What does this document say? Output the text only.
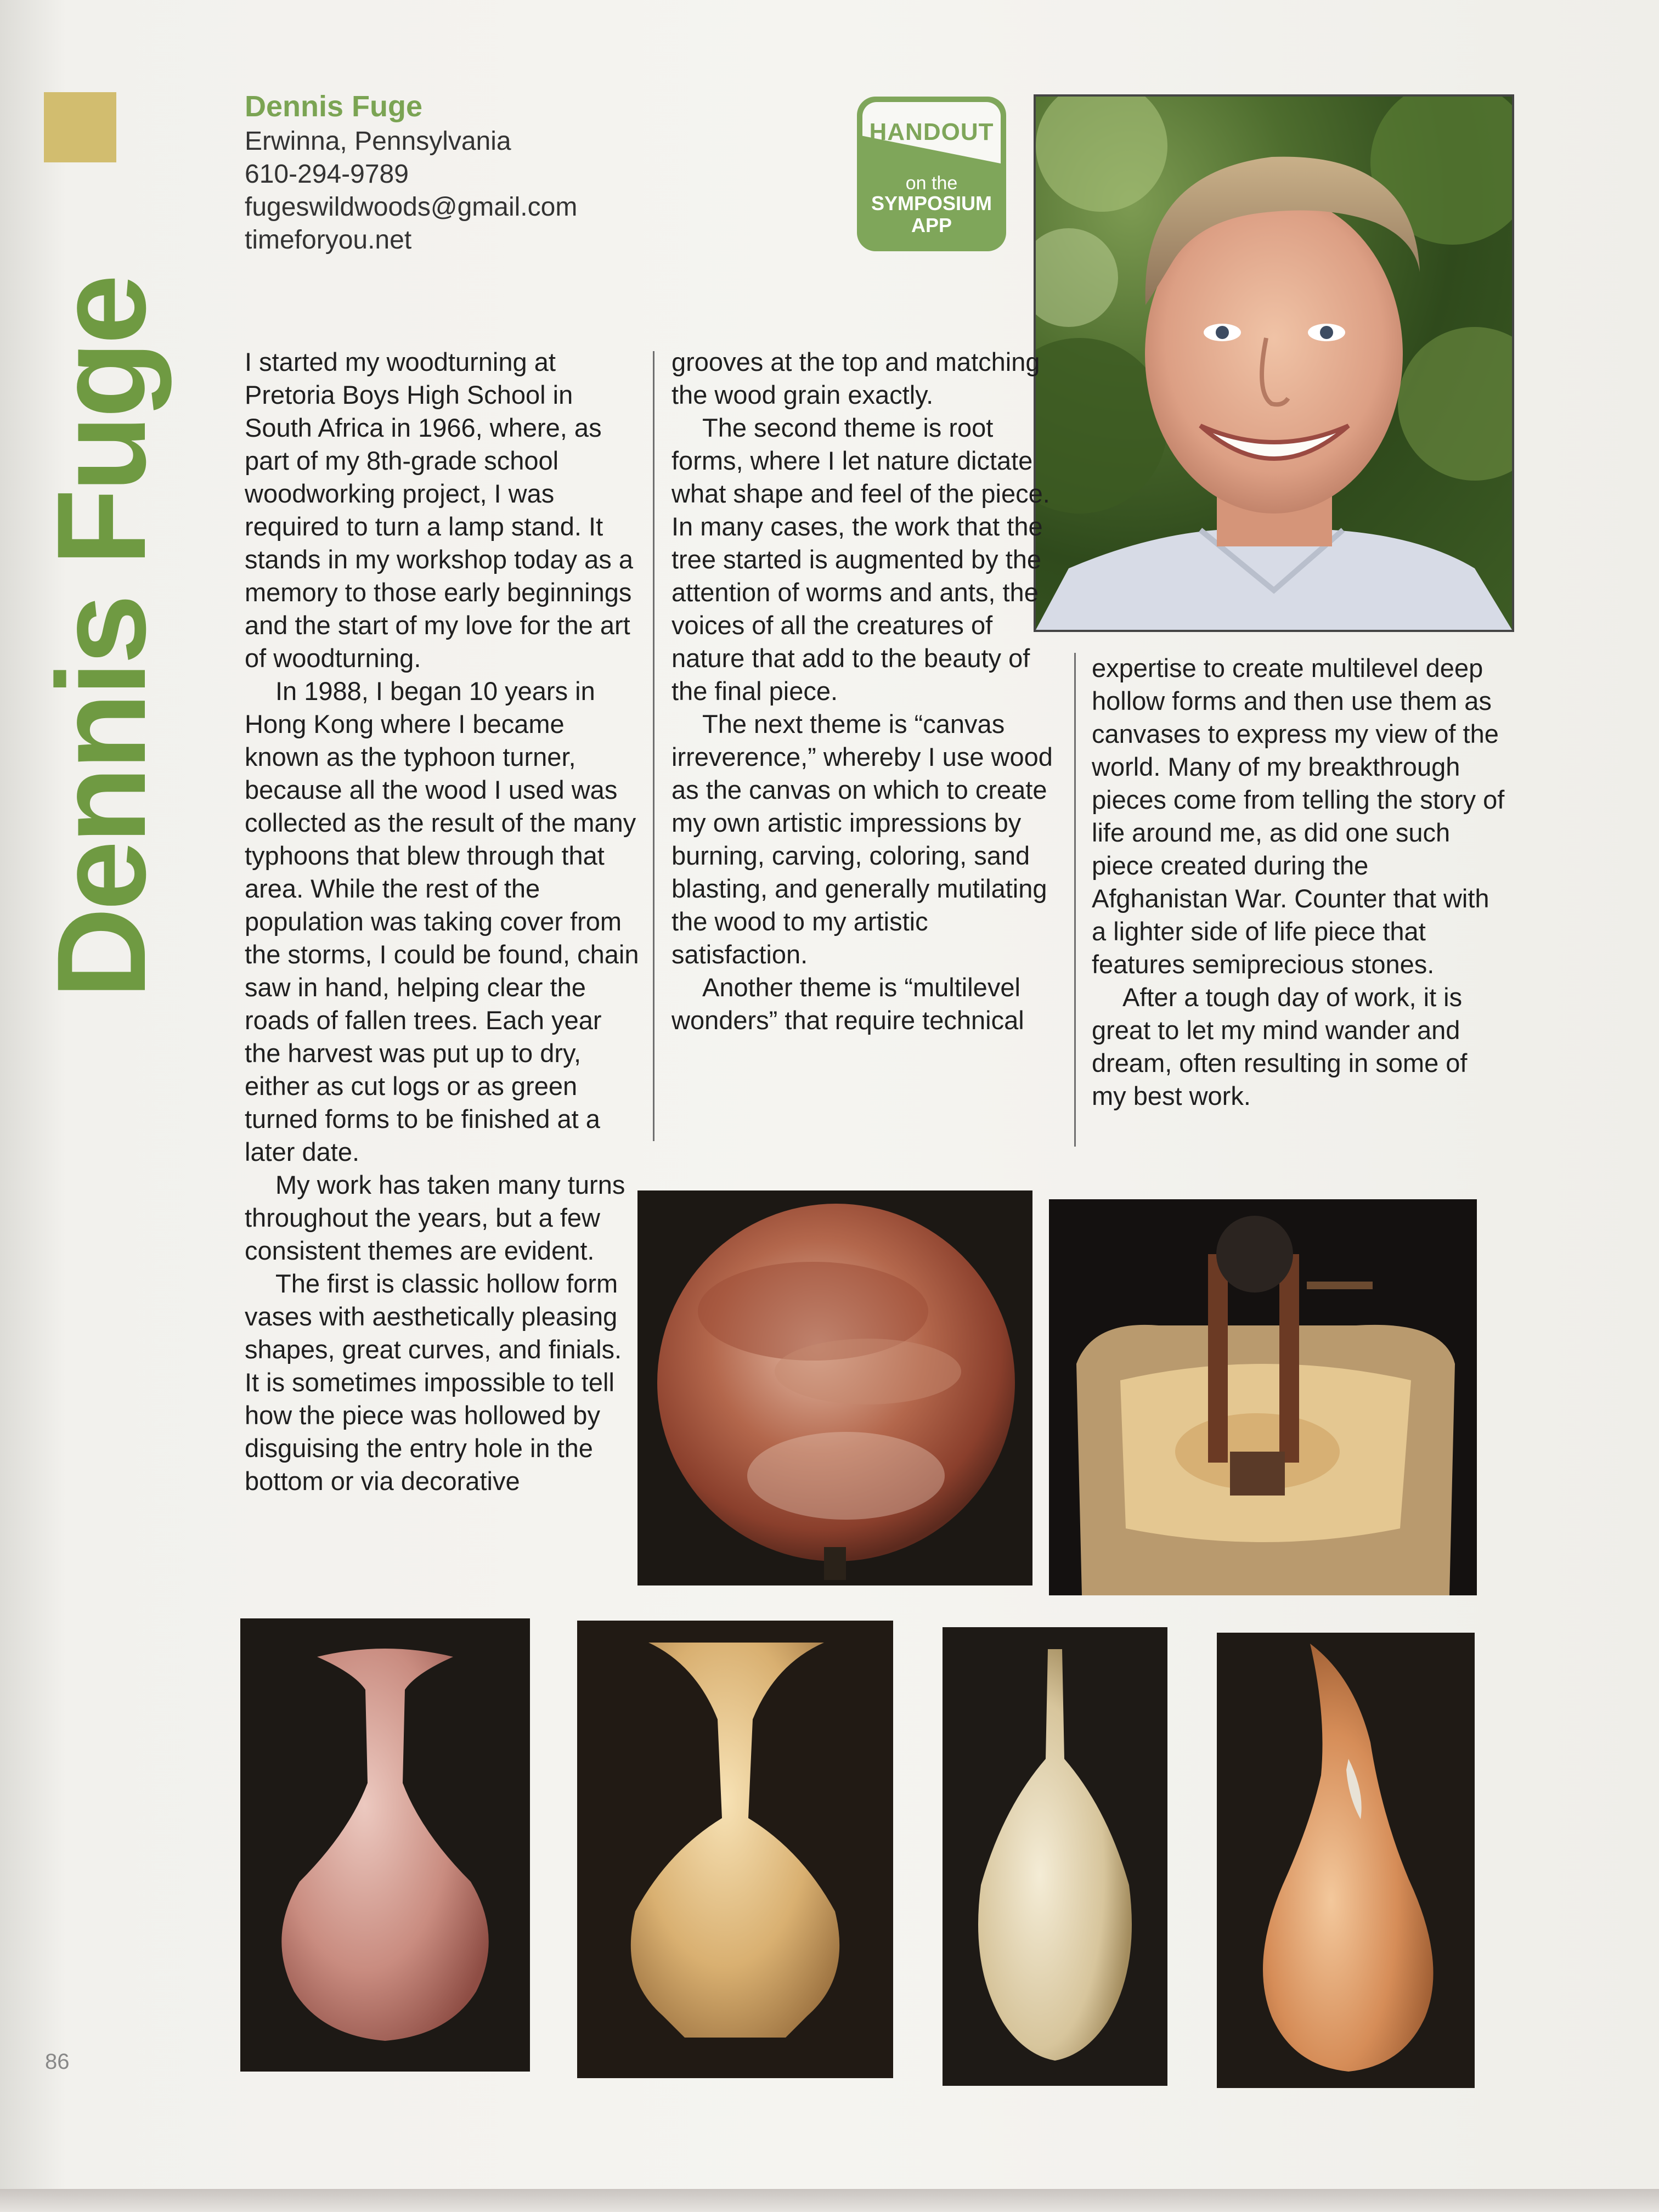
Dennis Fuge
Dennis Fuge
Erwinna, Pennsylvania
610-294-9789
fugeswildwoods@gmail.com
timeforyou.net
HANDOUT
on the
SYMPOSIUM
APP

I started my woodturning at Pretoria Boys High School in South Africa in 1966, where, as part of my 8th-grade school woodworking project, I was required to turn a lamp stand. It stands in my workshop today as a memory to those early beginnings and the start of my love for the art of woodturning.

In 1988, I began 10 years in Hong Kong where I became known as the typhoon turner, because all the wood I used was collected as the result of the many typhoons that blew through that area. While the rest of the population was taking cover from the storms, I could be found, chain saw in hand, helping clear the roads of fallen trees. Each year the harvest was put up to dry, either as cut logs or as green turned forms to be finished at a later date.

My work has taken many turns throughout the years, but a few consistent themes are evident.

The first is classic hollow form vases with aesthetically pleasing shapes, great curves, and finials. It is sometimes impossible to tell how the piece was hollowed by disguising the entry hole in the bottom or via decorative

grooves at the top and matching the wood grain exactly.

The second theme is root forms, where I let nature dictate what shape and feel of the piece. In many cases, the work that the tree started is augmented by the attention of worms and ants, the voices of all the creatures of nature that add to the beauty of the final piece.

The next theme is “canvas irreverence,” whereby I use wood as the canvas on which to create my own artistic impressions by burning, carving, coloring, sand blasting, and generally mutilating the wood to my artistic satisfaction.

Another theme is “multilevel wonders” that require technical

expertise to create multilevel deep hollow forms and then use them as canvases to express my view of the world. Many of my breakthrough pieces come from telling the story of life around me, as did one such piece created during the Afghanistan War. Counter that with a lighter side of life piece that features semiprecious stones.

After a tough day of work, it is great to let my mind wander and dream, often resulting in some of my best work.

86
